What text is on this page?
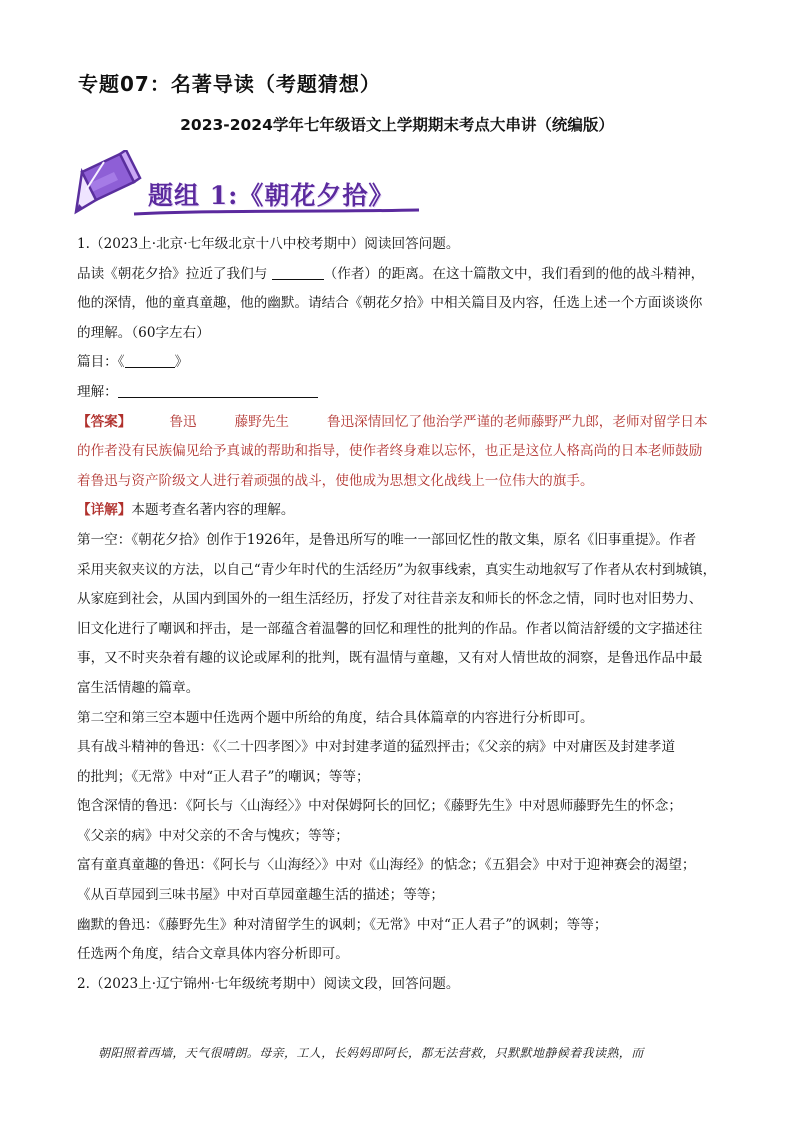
专题07：名著导读（考题猜想）
2023-2024学年七年级语文上学期期末考点大串讲（统编版）
题组 1:《朝花夕拾》

1.（2023上·北京·七年级北京十八中校考期中）阅读回答问题。

品读《朝花夕拾》拉近了我们与	（作者）的距离。在这十篇散文中，我们看到的他的战斗精神，

他的深情，他的童真童趣，他的幽默。请结合《朝花夕拾》中相关篇目及内容，任选上述一个方面谈谈你

的理解。（60字左右）

篇目：《	》

理解：

【答案】	鲁迅	藤野先生	鲁迅深情回忆了他治学严谨的老师藤野严九郎，老师对留学日本

的作者没有民族偏见给予真诚的帮助和指导，使作者终身难以忘怀，也正是这位人格高尚的日本老师鼓励

着鲁迅与资产阶级文人进行着顽强的战斗，使他成为思想文化战线上一位伟大的旗手。

【详解】本题考查名著内容的理解。

第一空：《朝花夕拾》创作于1926年，是鲁迅所写的唯一一部回忆性的散文集，原名《旧事重提》。作者

采用夹叙夹议的方法，以自己“青少年时代的生活经历”为叙事线索，真实生动地叙写了作者从农村到城镇，

从家庭到社会，从国内到国外的一组生活经历，抒发了对往昔亲友和师长的怀念之情，同时也对旧势力、

旧文化进行了嘲讽和抨击，是一部蕴含着温馨的回忆和理性的批判的作品。作者以简洁舒缓的文字描述往

事，又不时夹杂着有趣的议论或犀利的批判，既有温情与童趣，又有对人情世故的洞察，是鲁迅作品中最

富生活情趣的篇章。

第二空和第三空本题中任选两个题中所给的角度，结合具体篇章的内容进行分析即可。

具有战斗精神的鲁迅：《〈二十四孝图〉》中对封建孝道的猛烈抨击；《父亲的病》中对庸医及封建孝道

的批判；《无常》中对“正人君子”的嘲讽；等等；

饱含深情的鲁迅：《阿长与〈山海经〉》中对保姆阿长的回忆；《藤野先生》中对恩师藤野先生的怀念；

《父亲的病》中对父亲的不舍与愧疚；等等；

富有童真童趣的鲁迅：《阿长与〈山海经〉》中对《山海经》的惦念；《五猖会》中对于迎神赛会的渴望；

《从百草园到三味书屋》中对百草园童趣生活的描述；等等；

幽默的鲁迅：《藤野先生》种对清留学生的讽刺；《无常》中对“正人君子”的讽刺；等等；

任选两个角度，结合文章具体内容分析即可。

2.（2023上·辽宁锦州·七年级统考期中）阅读文段，回答问题。

朝阳照着西墙，天气很晴朗。母亲，工人，长妈妈即阿长，都无法营救，只默默地静候着我读熟，而
